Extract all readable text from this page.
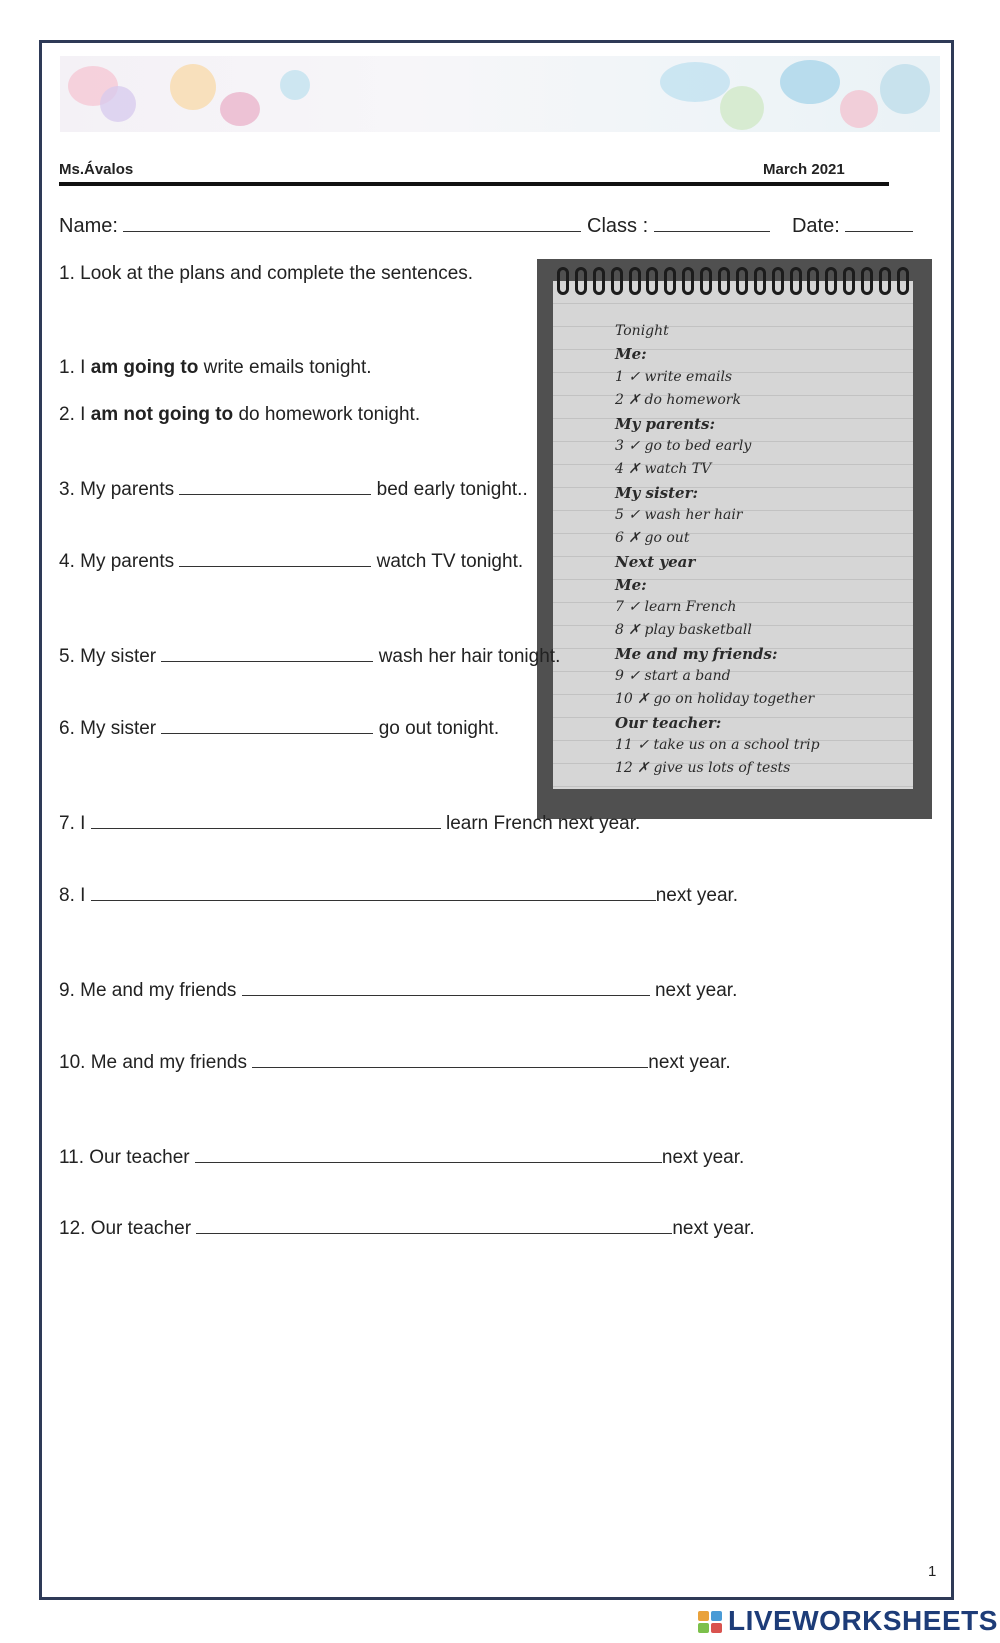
Ms.Ávalos	March 2021
Name:	Class :	Date:
1. Look at the plans and complete the sentences.
Tonight
Me:
1 ✓ write emails
2 ✗ do homework
My parents:
3 ✓ go to bed early
4 ✗ watch TV
My sister:
5 ✓ wash her hair
6 ✗ go out
Next year
Me:
7 ✓ learn French
8 ✗ play basketball
Me and my friends:
9 ✓ start a band
10 ✗ go on holiday together
Our teacher:
11 ✓ take us on a school trip
12 ✗ give us lots of tests
1. I am going to write emails tonight.
2. I am not going to do homework tonight.
3. My parents	bed early tonight..
4. My parents	watch TV tonight.
5. My sister	wash her hair tonight.
6. My sister	go out tonight.
7. I	learn French next year.
8. I	next year.
9. Me and my friends	next year.
10. Me and my friends	next year.
11. Our teacher	next year.
12. Our teacher	next year.
1
LIVEWORKSHEETS
